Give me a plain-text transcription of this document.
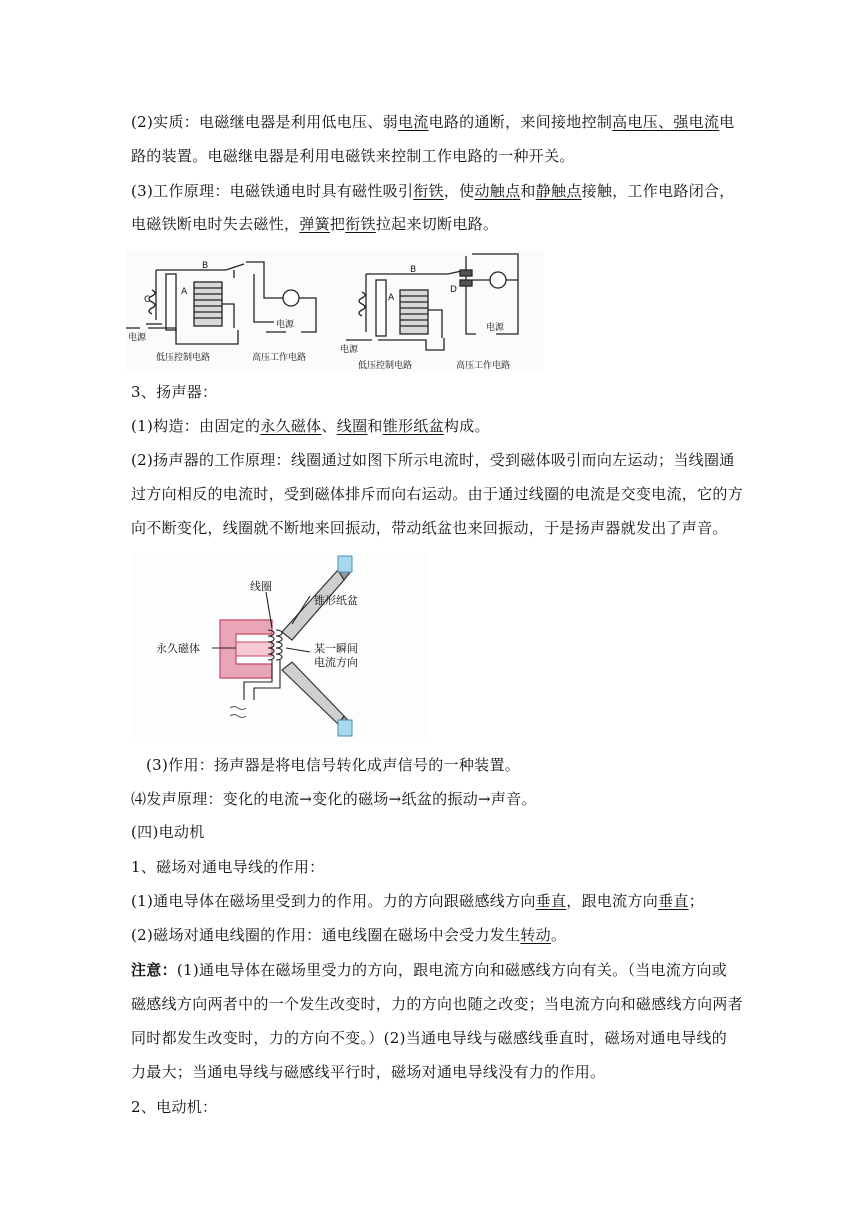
(2)实质：电磁继电器是利用低电压、弱电流电路的通断，来间接地控制高电压、强电流电
路的装置。电磁继电器是利用电磁铁来控制工作电路的一种开关。
(3)工作原理：电磁铁通电时具有磁性吸引衔铁，使动触点和静触点接触，工作电路闭合，
电磁铁断电时失去磁性，弹簧把衔铁拉起来切断电路。
B
A
C
电源
电源
低压控制电路	高压工作电路
B
A
D
电源
电源
低压控制电路	高压工作电路
3、扬声器：
(1)构造：由固定的永久磁体、线圈和锥形纸盆构成。
(2)扬声器的工作原理：线圈通过如图下所示电流时，受到磁体吸引而向左运动；当线圈通
过方向相反的电流时，受到磁体排斥而向右运动。由于通过线圈的电流是交变电流，它的方
向不断变化，线圈就不断地来回振动，带动纸盆也来回振动，于是扬声器就发出了声音。
线圈
锥形纸盆
永久磁体	某一瞬间
电流方向
(3)作用：扬声器是将电信号转化成声信号的一种装置。
⑷发声原理：变化的电流→变化的磁场→纸盆的振动→声音。
(四)电动机
1、磁场对通电导线的作用：
(1)通电导体在磁场里受到力的作用。力的方向跟磁感线方向垂直，跟电流方向垂直；
(2)磁场对通电线圈的作用：通电线圈在磁场中会受力发生转动。
注意：(1)通电导体在磁场里受力的方向，跟电流方向和磁感线方向有关。（当电流方向或
磁感线方向两者中的一个发生改变时，力的方向也随之改变；当电流方向和磁感线方向两者
同时都发生改变时，力的方向不变。）(2)当通电导线与磁感线垂直时，磁场对通电导线的
力最大；当通电导线与磁感线平行时，磁场对通电导线没有力的作用。
2、电动机：
